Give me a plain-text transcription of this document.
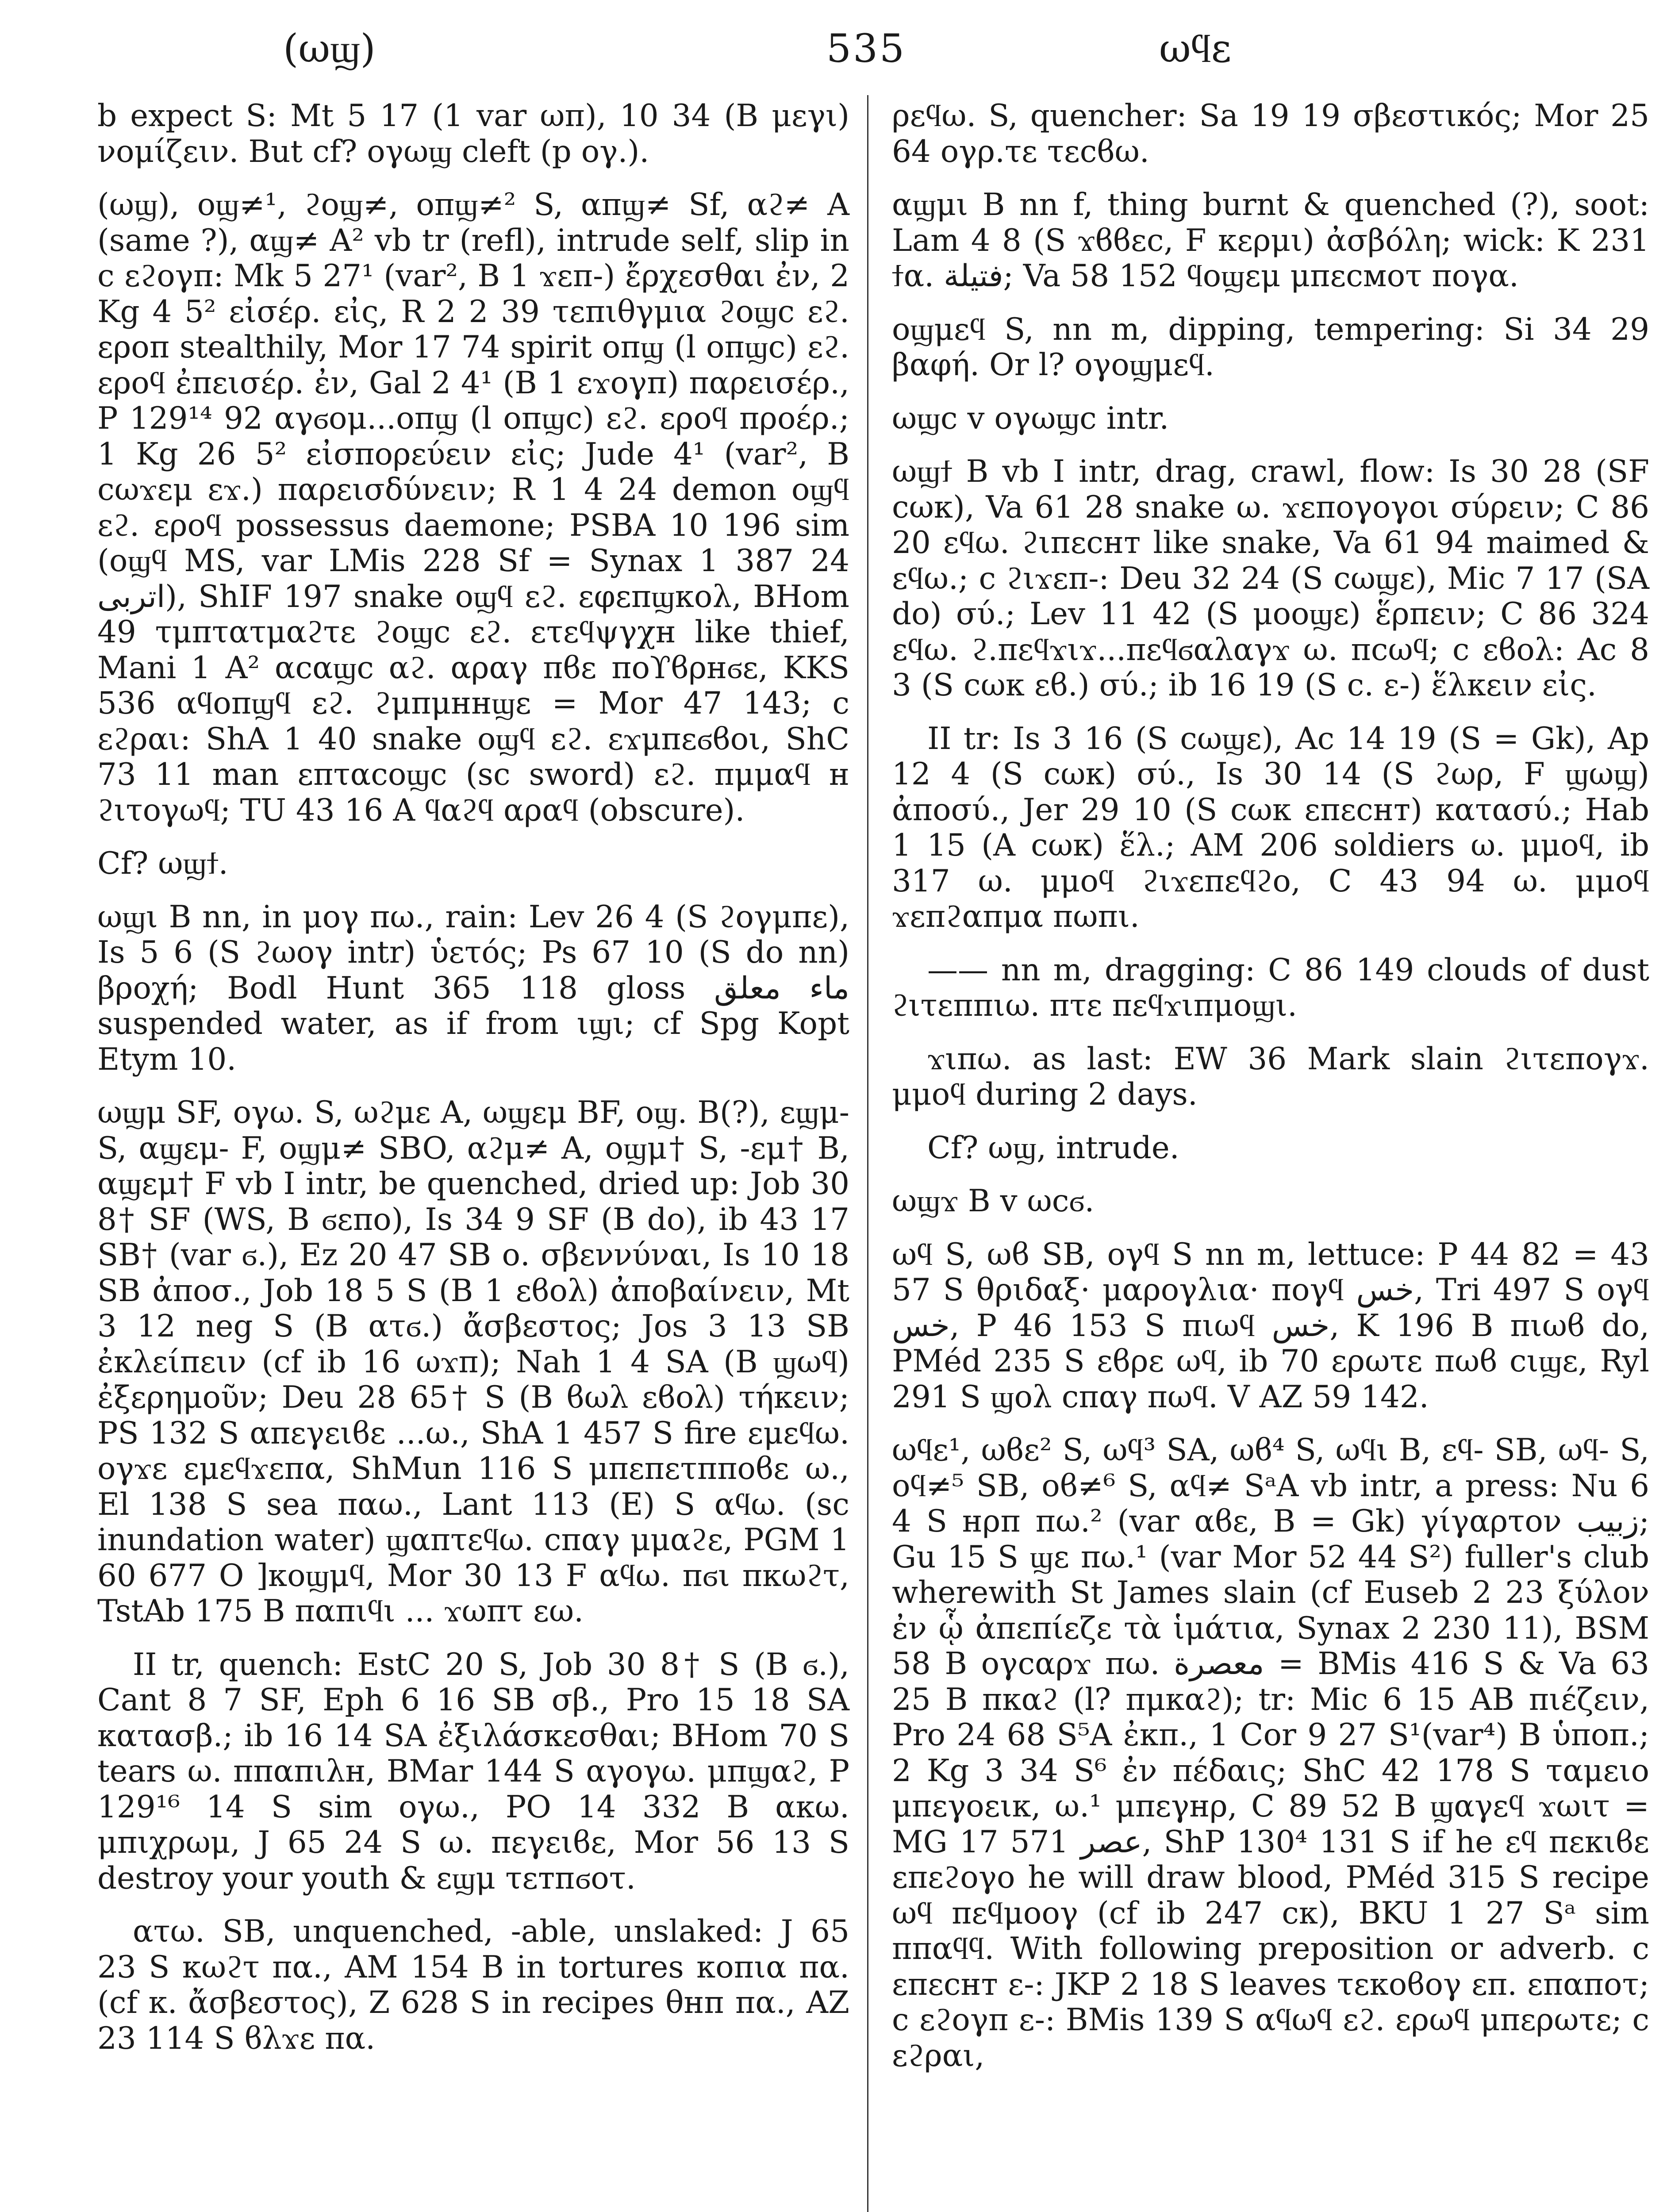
(ωϣ)	535	ωϥε

b expect S: Mt 5 17 (1 var ωπ), 10 34 (B μεγι) νομίζειν. But cf? ογωϣ cleft (p ογ.).

(ωϣ), οϣ≠¹, ϩοϣ≠, οπϣ≠² S, απϣ≠ Sf, αϩ≠ A (same ?), αϣ≠ A² vb tr (refl), intrude self, slip in c εϩογπ: Mk 5 27¹ (var², B 1 ϫεπ-) ἔρχεσθαι ἐν, 2 Kg 4 5² εἰσέρ. εἰς, R 2 2 39 τεπιθγμια ϩοϣc εϩ. εροπ stealthily, Mor 17 74 spirit οπϣ (l οπϣc) εϩ. εροϥ ἐπεισέρ. ἐν, Gal 2 4¹ (B 1 εϫογπ) παρεισέρ., P 129¹⁴ 92 αγϭομ...οπϣ (l οπϣc) εϩ. εροϥ προέρ.; 1 Kg 26 5² εἰσπορεύειν εἰς; Jude 4¹ (var², B cωϫεμ εϫ.) παρεισδύνειν; R 1 4 24 demon οϣϥ εϩ. εροϥ possessus daemone; PSBA 10 196 sim (οϣϥ MS, var LMis 228 Sf = Synax 1 387 24 اتربى), ShIF 197 snake οϣϥ εϩ. εφεπϣκολ, BHom 49 τμπτατμαϩτε ϩοϣc εϩ. ετεϥψγχн like thief, Mani 1 A² αcαϣc αϩ. αραγ πϐε ποϒϐρнϭε, KKS 536 αϥοπϣϥ εϩ. ϩμπμннϣε = Mor 47 143; c εϩραι: ShA 1 40 snake οϣϥ εϩ. εϫμπεϭϐοι, ShC 73 11 man επταcοϣc (sc sword) εϩ. πμμαϥ н ϩιτογωϥ; TU 43 16 A ϥαϩϥ αραϥ (obscure).

Cf? ωϣϯ.

ωϣι B nn, in μογ πω., rain: Lev 26 4 (S ϩογμπε), Is 5 6 (S ϩωογ intr) ὑετός; Ps 67 10 (S do nn) βροχή; Bodl Hunt 365 118 gloss ماء معلق suspended water, as if from ιϣι; cf Spg Kopt Etym 10.

ωϣμ SF, ογω. S, ωϩμε A, ωϣεμ BF, οϣ. B(?), εϣμ- S, αϣεμ- F, οϣμ≠ SBO, αϩμ≠ A, οϣμ† S, -εμ† B, αϣεμ† F vb I intr, be quenched, dried up: Job 30 8† SF (WS, B ϭεπο), Is 34 9 SF (B do), ib 43 17 SB† (var ϭ.), Ez 20 47 SB ο. σβεννύναι, Is 10 18 SB ἀποσ., Job 18 5 S (B 1 εϐολ) ἀποβαίνειν, Mt 3 12 neg S (B ατϭ.) ἄσβεστος; Jos 3 13 SB ἐκλείπειν (cf ib 16 ωϫπ); Nah 1 4 SA (B ϣωϥ) ἐξερημοῦν; Deu 28 65† S (B ϐωλ εϐολ) τήκειν; PS 132 S απεγειϐε ...ω., ShA 1 457 S fire εμεϥω. ογϫε εμεϥϫεπα, ShMun 116 S μπεπετπποϐε ω., El 138 S sea παω., Lant 113 (E) S αϥω. (sc inundation water) ϣαπτεϥω. cπαγ μμαϩε, PGM 1 60 677 O ]κοϣμϥ, Mor 30 13 F αϥω. πϭι πκωϩτ, TstAb 175 B παπιϥι ... ϫωπτ εω.

II tr, quench: EstC 20 S, Job 30 8† S (B ϭ.), Cant 8 7 SF, Eph 6 16 SB σβ., Pro 15 18 SA κατασβ.; ib 16 14 SA ἐξιλάσκεσθαι; BHom 70 S tears ω. ππαπιλн, BMar 144 S αγογω. μπϣαϩ, P 129¹⁶ 14 S sim ογω., PO 14 332 B αкω. μπιχρωμ, J 65 24 S ω. πεγειϐε, Mor 56 13 S destroy your youth & εϣμ τεтпϭοτ.

ατω. SB, unquenched, -able, unslaked: J 65 23 S κωϩτ πα., AM 154 B in tortures κοπια πα. (cf κ. ἄσβεστος), Z 628 S in recipes θнп πα., AZ 23 114 S ϐλϫε πα.

ρεϥω. S, quencher: Sa 19 19 σβεστικός; Mor 25 64 ογρ.τε τεcϐω.

αϣμι B nn f, thing burnt & quenched (?), soot: Lam 4 8 (S ϫϐϐεc, F κερμι) ἀσβόλη; wick: K 231 ϯα. فتيلة; Va 58 152 ϥοϣεμ μπεcмοτ πογα.

οϣμεϥ S, nn m, dipping, tempering: Si 34 29 βαφή. Or l? ογοϣμεϥ.

ωϣc v ογωϣc intr.

ωϣϯ B vb I intr, drag, crawl, flow: Is 30 28 (SF cωκ), Va 61 28 snake ω. ϫεπογογοι σύρειν; C 86 20 εϥω. ϩιπεcнт like snake, Va 61 94 maimed & εϥω.; c ϩιϫεπ-: Deu 32 24 (S cωϣε), Mic 7 17 (SA do) σύ.; Lev 11 42 (S μοοϣε) ἕρπειν; C 86 324 εϥω. ϩ.πεϥϫιϫ...πεϥϭαλαγϫ ω. πcωϥ; c εϐολ: Ac 8 3 (S cωκ εϐ.) σύ.; ib 16 19 (S c. ε-) ἕλκειν εἰς.

II tr: Is 3 16 (S cωϣε), Ac 14 19 (S = Gk), Ap 12 4 (S cωκ) σύ., Is 30 14 (S ϩωρ, F ϣωϣ) ἀποσύ., Jer 29 10 (S cωκ επεcнт) κατασύ.; Hab 1 15 (A cωκ) ἕλ.; AM 206 soldiers ω. μμοϥ, ib 317 ω. μμοϥ ϩιϫεπεϥϩο, C 43 94 ω. μμοϥ ϫεπϩαπμα πωπι.

—— nn m, dragging: C 86 149 clouds of dust ϩιτεππιω. πτε πεϥϫιπμοϣι.

ϫιπω. as last: EW 36 Mark slain ϩιτεπογϫ. μμοϥ during 2 days.

Cf? ωϣ, intrude.

ωϣϫ B v ωcϭ.

ωϥ S, ωϐ SB, ογϥ S nn m, lettuce: P 44 82 = 43 57 S θριδαξ· μαρογλια· πογϥ خس, Tri 497 S ογϥ خس, P 46 153 S πιωϥ خس, K 196 B πιωϐ do, PMéd 235 S εϐρε ωϥ, ib 70 ερωτε πωϐ cιϣε, Ryl 291 S ϣολ cπαγ πωϥ. V AZ 59 142.

ωϥε¹, ωϐε² S, ωϥ³ SA, ωϐ⁴ S, ωϥι B, εϥ- SB, ωϥ- S, οϥ≠⁵ SB, οϐ≠⁶ S, αϥ≠ SᵃA vb intr, a press: Nu 6 4 S нρπ πω.² (var αϐε, B = Gk) γίγαρτον زبيب; Gu 15 S ϣε πω.¹ (var Mor 52 44 S²) fuller's club wherewith St James slain (cf Euseb 2 23 ξύλον ἐν ᾧ ἀπεπίεζε τὰ ἱμάτια, Synax 2 230 11), BSM 58 B ογcαρϫ πω. معصرة = BMis 416 S & Va 63 25 B πκαϩ (l? πμκαϩ); tr: Mic 6 15 AB πιέζειν, Pro 24 68 S⁵A ἐκπ., 1 Cor 9 27 S¹(var⁴) B ὑποπ.; 2 Kg 3 34 S⁶ ἐν πέδαις; ShC 42 178 S ταμειο μπεγοεικ, ω.¹ μπεγнρ, C 89 52 B ϣαγεϥ ϫωιτ = MG 17 571 عصر, ShP 130⁴ 131 S if he εϥ πεκιϐε επεϩογο he will draw blood, PMéd 315 S recipe ωϥ πεϥμοογ (cf ib 247 cκ), BKU 1 27 Sᵃ sim ππαϥϥ. With following preposition or adverb. c επεcнт ε-: JKP 2 18 S leaves τεκοϐογ επ. επαποτ; c εϩογπ ε-: BMis 139 S αϥωϥ εϩ. ερωϥ μπερωτε; c εϩραι,
